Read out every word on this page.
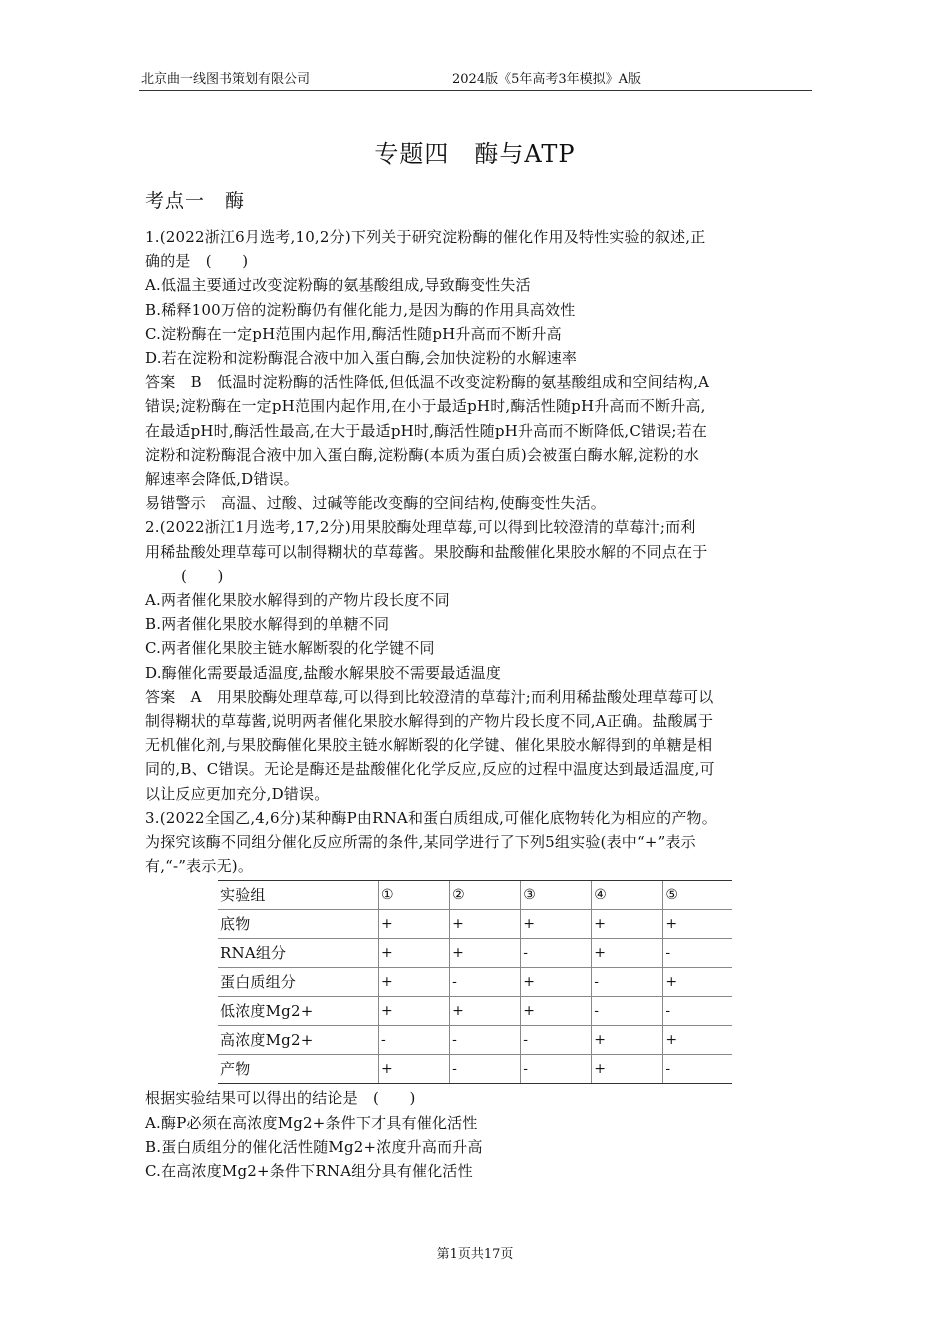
北京曲一线图书策划有限公司	2024版《5年高考3年模拟》A版
专题四　酶与ATP
考点一　酶

1.(2022浙江6月选考,10,2分)下列关于研究淀粉酶的催化作用及特性实验的叙述,正

确的是　(　　)

A.低温主要通过改变淀粉酶的氨基酸组成,导致酶变性失活

B.稀释100万倍的淀粉酶仍有催化能力,是因为酶的作用具高效性

C.淀粉酶在一定pH范围内起作用,酶活性随pH升高而不断升高

D.若在淀粉和淀粉酶混合液中加入蛋白酶,会加快淀粉的水解速率

答案　B　低温时淀粉酶的活性降低,但低温不改变淀粉酶的氨基酸组成和空间结构,A

错误;淀粉酶在一定pH范围内起作用,在小于最适pH时,酶活性随pH升高而不断升高,

在最适pH时,酶活性最高,在大于最适pH时,酶活性随pH升高而不断降低,C错误;若在

淀粉和淀粉酶混合液中加入蛋白酶,淀粉酶(本质为蛋白质)会被蛋白酶水解,淀粉的水

解速率会降低,D错误。

易错警示　高温、过酸、过碱等能改变酶的空间结构,使酶变性失活。

2.(2022浙江1月选考,17,2分)用果胶酶处理草莓,可以得到比较澄清的草莓汁;而利

用稀盐酸处理草莓可以制得糊状的草莓酱。果胶酶和盐酸催化果胶水解的不同点在于

(　　)

A.两者催化果胶水解得到的产物片段长度不同

B.两者催化果胶水解得到的单糖不同

C.两者催化果胶主链水解断裂的化学键不同

D.酶催化需要最适温度,盐酸水解果胶不需要最适温度

答案　A　用果胶酶处理草莓,可以得到比较澄清的草莓汁;而利用稀盐酸处理草莓可以

制得糊状的草莓酱,说明两者催化果胶水解得到的产物片段长度不同,A正确。盐酸属于

无机催化剂,与果胶酶催化果胶主链水解断裂的化学键、催化果胶水解得到的单糖是相

同的,B、C错误。无论是酶还是盐酸催化化学反应,反应的过程中温度达到最适温度,可

以让反应更加充分,D错误。

3.(2022全国乙,4,6分)某种酶P由RNA和蛋白质组成,可催化底物转化为相应的产物。

为探究该酶不同组分催化反应所需的条件,某同学进行了下列5组实验(表中“+”表示

有,“-”表示无)。

实验组	①	②	③	④	⑤
底物	+	+	+	+	+
RNA组分	+	+	-	+	-
蛋白质组分	+	-	+	-	+
低浓度Mg2+	+	+	+	-	-
高浓度Mg2+	-	-	-	+	+
产物	+	-	-	+	-

根据实验结果可以得出的结论是　(　　)

A.酶P必须在高浓度Mg2+条件下才具有催化活性

B.蛋白质组分的催化活性随Mg2+浓度升高而升高

C.在高浓度Mg2+条件下RNA组分具有催化活性

第1页共17页
